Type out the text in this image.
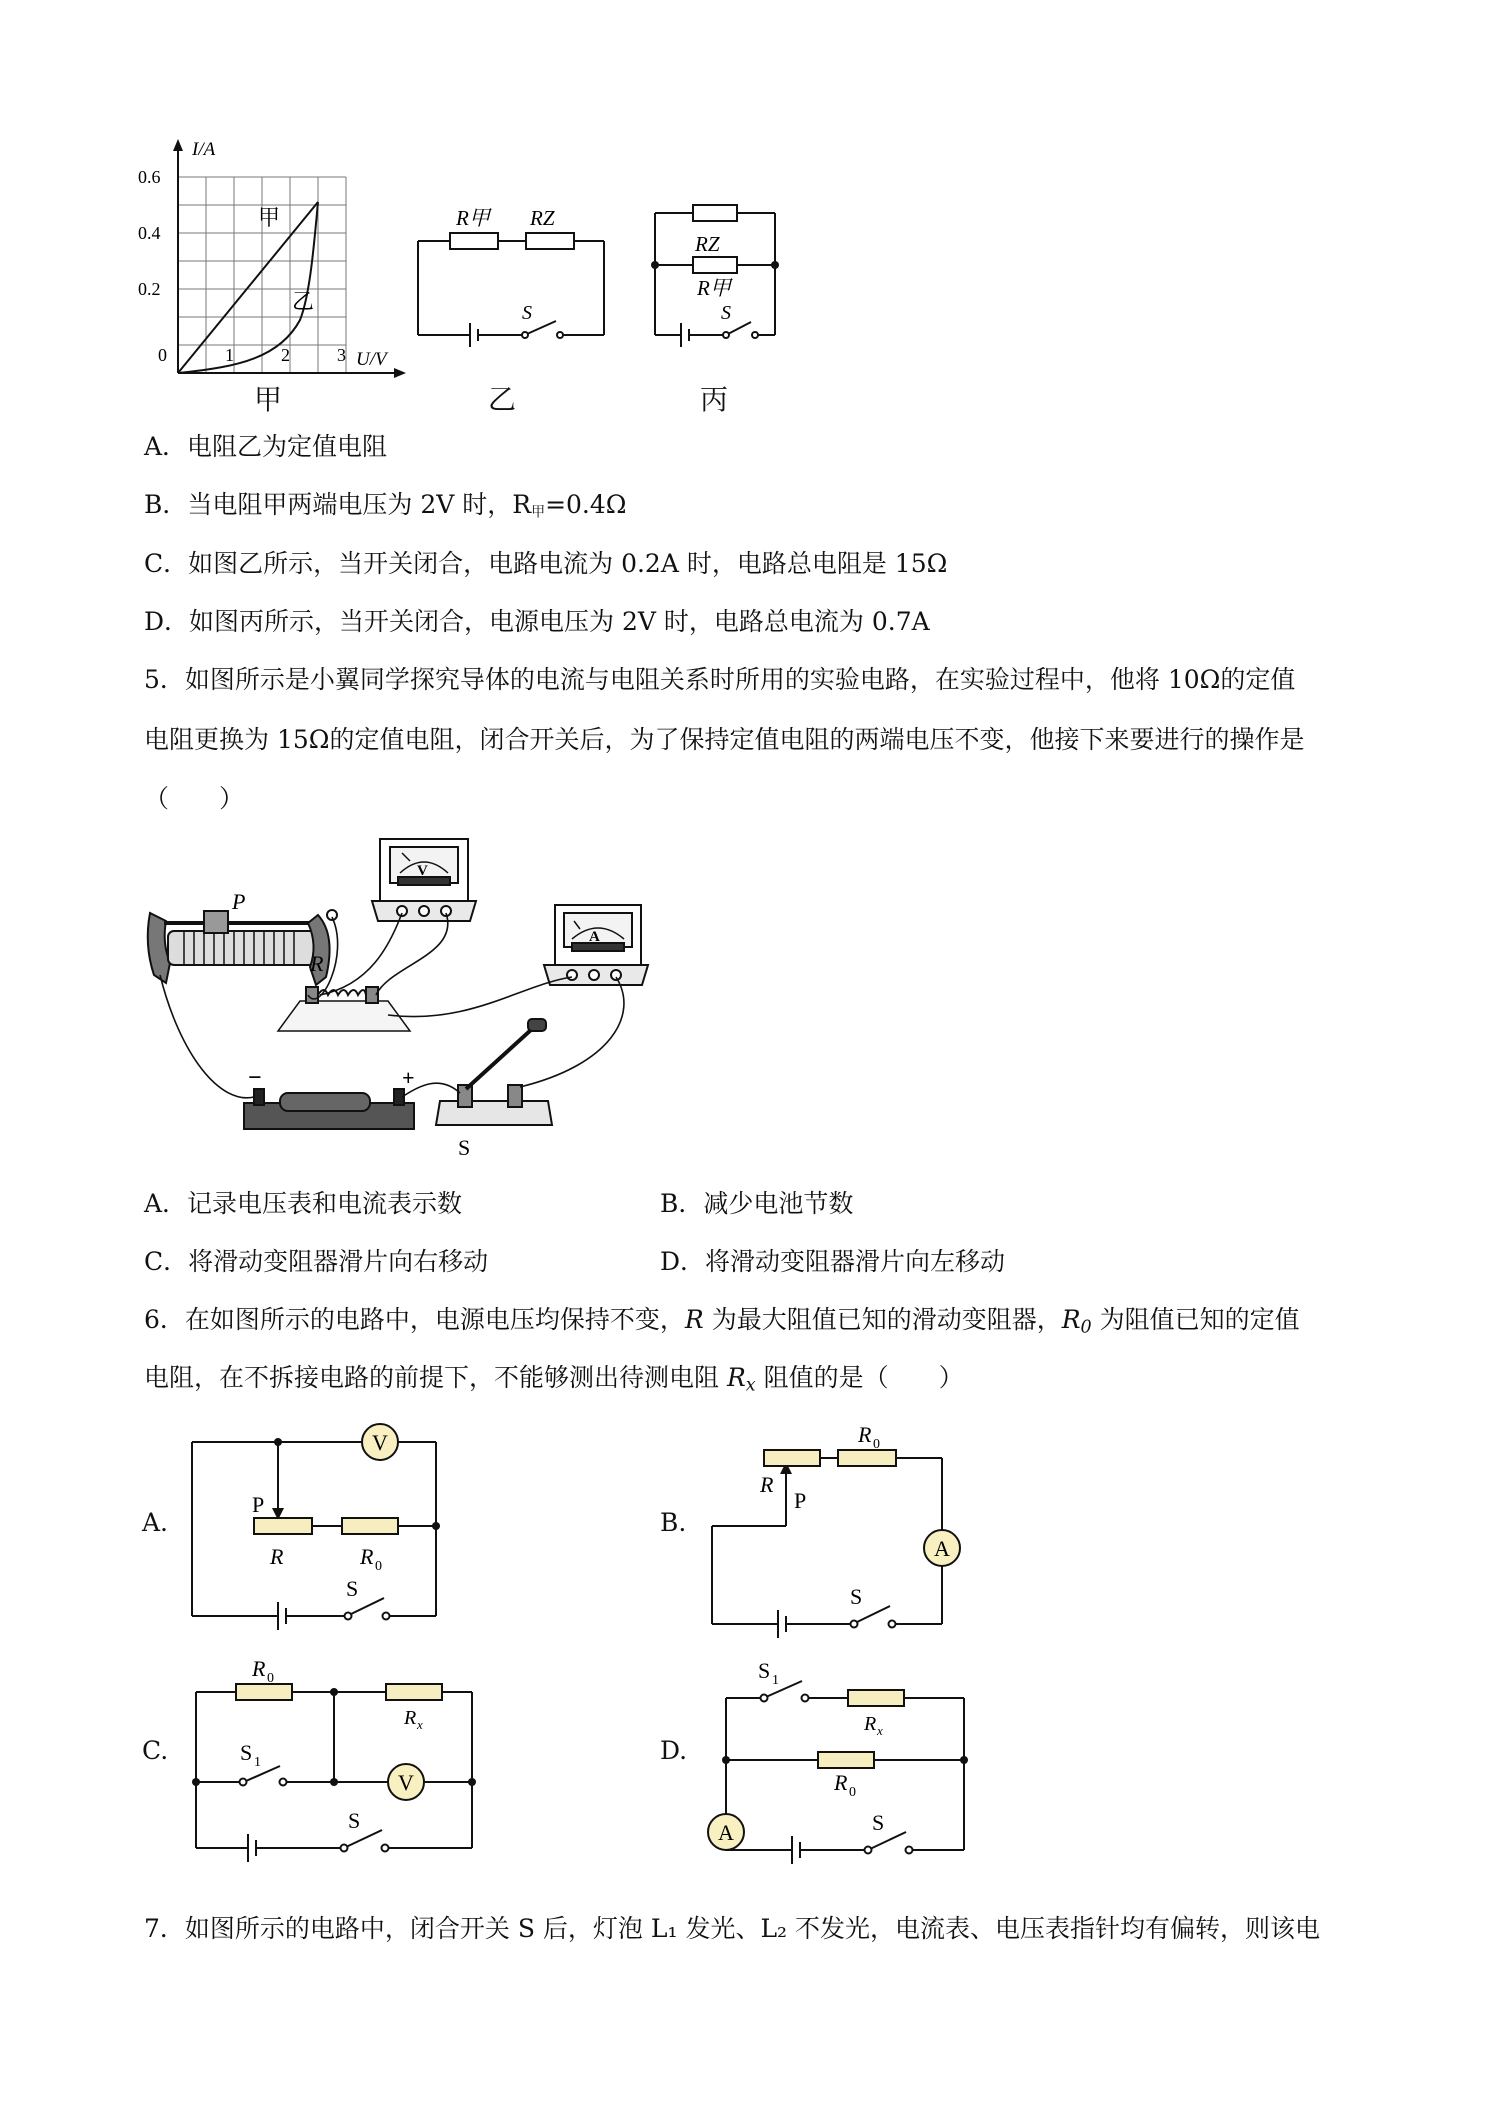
I/A
U/V
0.6
0.4
0.2
0	1	2	3
甲
乙
甲
R甲 RZ
S
乙
RZ
R甲
S
丙
A．电阻乙为定值电阻
B．当电阻甲两端电压为 2V 时，$R_甲=0.4\Omega$
C．如图乙所示，当开关闭合，电路电流为 0.2A 时，电路总电阻是 15Ω
D．如图丙所示，当开关闭合，电源电压为 2V 时，电路总电流为 0.7A
5．如图所示是小翼同学探究导体的电流与电阻关系时所用的实验电路，在实验过程中，他将 10Ω的定值
电阻更换为 15Ω的定值电阻，闭合开关后，为了保持定值电阻的两端电压不变，他接下来要进行的操作是
（　　）
V
A
P
R
−	+
S
A．记录电压表和电流表示数	B．减少电池节数
C．将滑动变阻器滑片向右移动	D．将滑动变阻器滑片向左移动
6．在如图所示的电路中，电源电压均保持不变，R 为最大阻值已知的滑动变阻器，$R_0$ 为阻值已知的定值
电阻，在不拆接电路的前提下，不能够测出待测电阻 $R_x$ 阻值的是（　　）
A.
V
P
R	R 0
S
B.
A
R 0
R
P
S
C.
V
R 0
R x
S 1
S
D.
A
S 1
R x
R 0
S
7．如图所示的电路中，闭合开关 S 后，灯泡 L₁ 发光、L₂ 不发光，电流表、电压表指针均有偏转，则该电
